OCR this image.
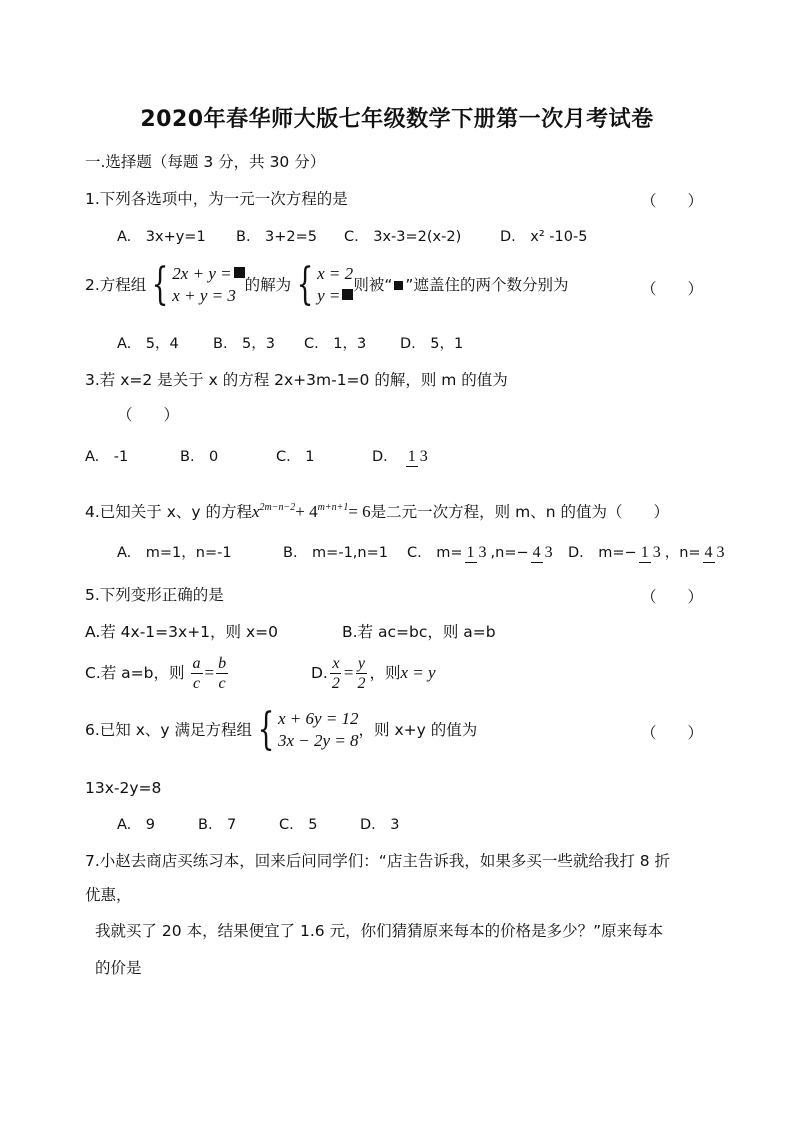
2020年春华师大版七年级数学下册第一次月考试卷
一.选择题（每题 3 分，共 30 分）
1.下列各选项中，为一元一次方程的是	（　　）
A.　3x+y=1 B.　3+2=5 C.　3x-3=2(x-2)	D.　x² -10-5
2.方程组 { 2x + y =
x + y = 3
的解为 { x = 2
y =
则被“ ”遮盖住的两个数分别为	（　　）
A.　5，4 B.　5，3 C.　1，3 D.　5，1
3.若 x=2 是关于 x 的方程 2x+3m-1=0 的解，则 m 的值为
（　　）
A.　-1	B.　0	C.　1	D. 1 3
4.已知关于 x、y 的方程$x^{2m-n-2}+ 4^{m+n+1}= 6$是二元一次方程，则 m、n 的值为（　　）
A.　m=1，n=-1	B.　m=-1,n=1	C.　m= 1 3 ,n=− 4 3 D.　m=− 1 3 ，n= 4 3
5.下列变形正确的是	（　　）
A.若 4x-1=3x+1，则 x=0	B.若 ac=bc，则 a=b
C.若 a=b，则 $\frac{a}{c} = \frac{b}{c}$	D. $\frac{x}{2} = \frac{y}{2}$ ，则 x = y
6.已知 x、y 满足方程组 { x + 6y = 12
3x − 2y = 8
，则 x+y 的值为	（　　）
13x-2y=8
A.　9	B.　7	C.　5	D.　3
7.小赵去商店买练习本，回来后问同学们：“店主告诉我，如果多买一些就给我打 8 折
优惠，
我就买了 20 本，结果便宜了 1.6 元，你们猜猜原来每本的价格是多少？”原来每本
的价是
